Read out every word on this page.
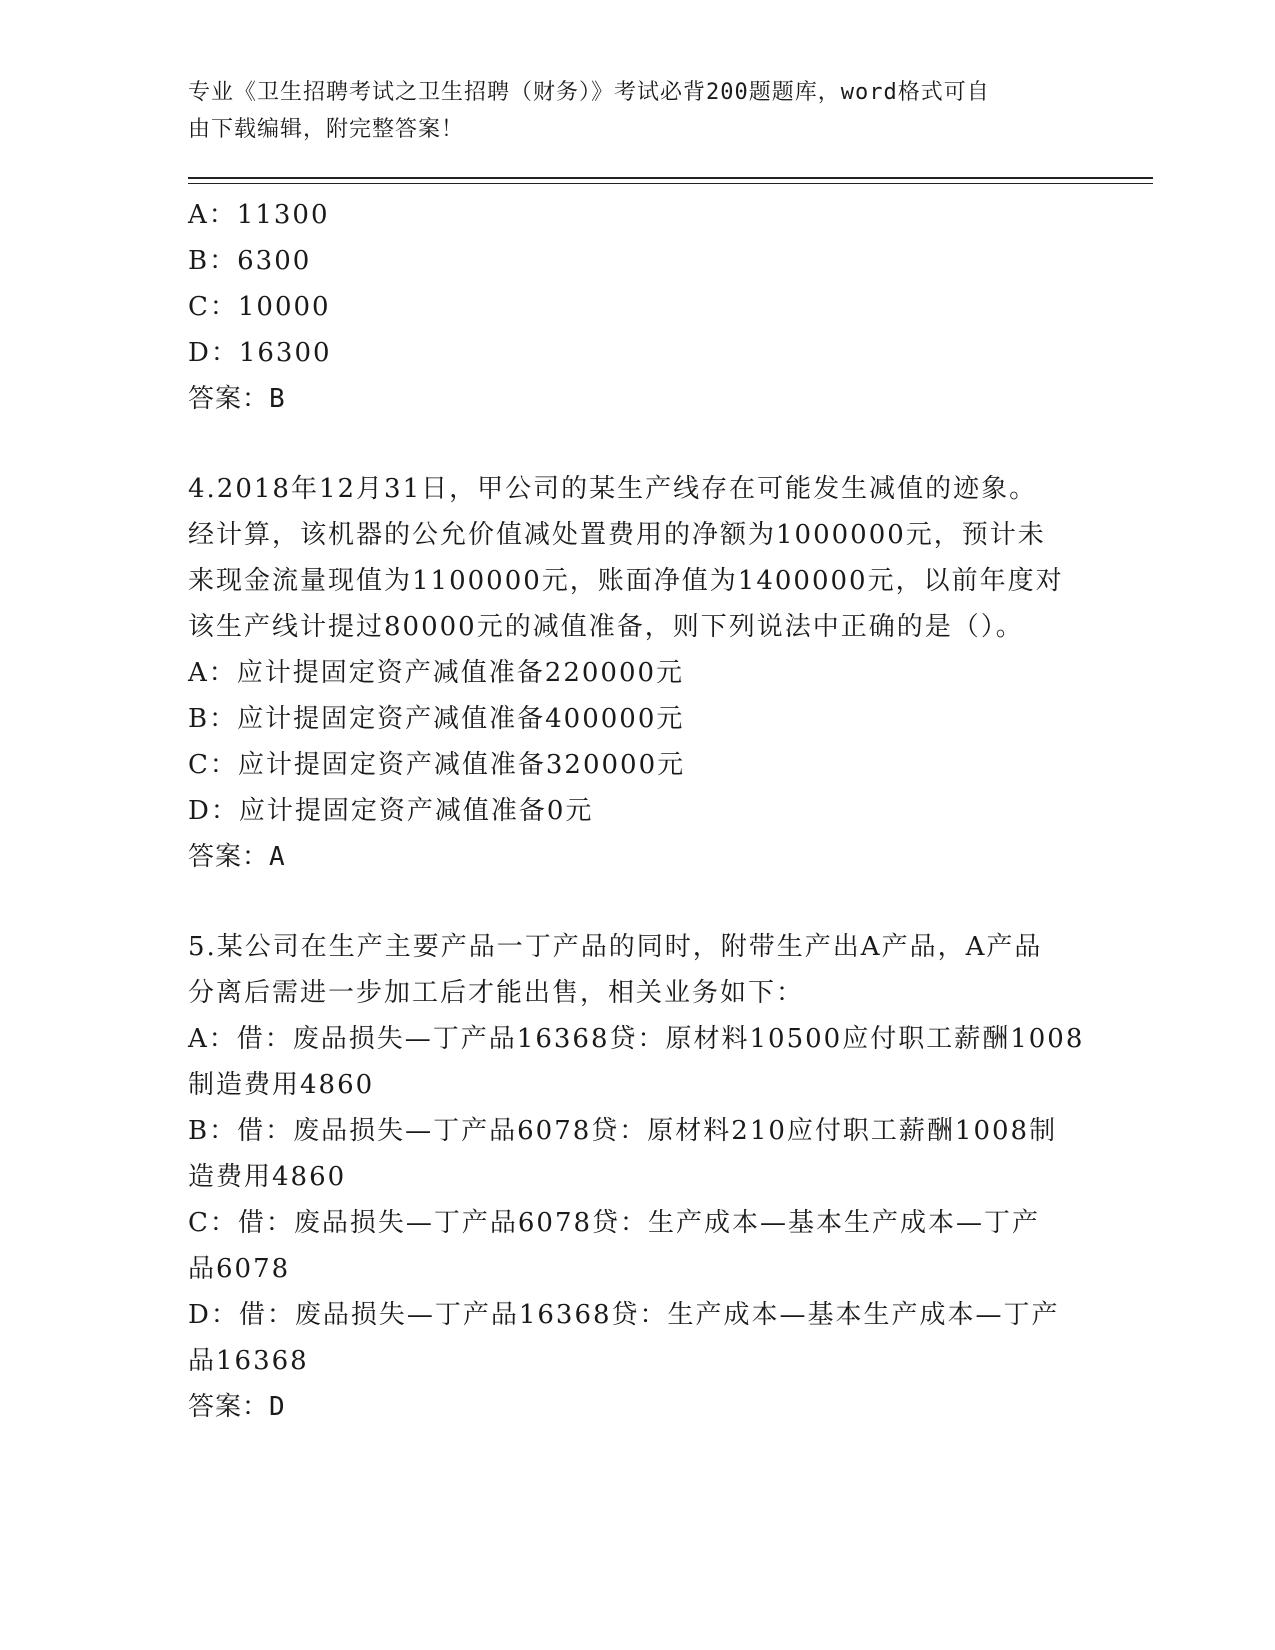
专业《卫生招聘考试之卫生招聘（财务）》考试必背200题题库，word格式可自
由下载编辑，附完整答案！
A：11300
B：6300
C：10000
D：16300
答案：B
4.2018年12月31日，甲公司的某生产线存在可能发生减值的迹象。
经计算，该机器的公允价值减处置费用的净额为1000000元，预计未
来现金流量现值为1100000元，账面净值为1400000元，以前年度对
该生产线计提过80000元的减值准备，则下列说法中正确的是（）。
A：应计提固定资产减值准备220000元
B：应计提固定资产减值准备400000元
C：应计提固定资产减值准备320000元
D：应计提固定资产减值准备0元
答案：A
5.某公司在生产主要产品一丁产品的同时，附带生产出A产品，A产品
分离后需进一步加工后才能出售，相关业务如下：
A：借：废品损失—丁产品16368贷：原材料10500应付职工薪酬1008
制造费用4860
B：借：废品损失—丁产品6078贷：原材料210应付职工薪酬1008制
造费用4860
C：借：废品损失—丁产品6078贷：生产成本—基本生产成本—丁产
品6078
D：借：废品损失—丁产品16368贷：生产成本—基本生产成本—丁产
品16368
答案：D
